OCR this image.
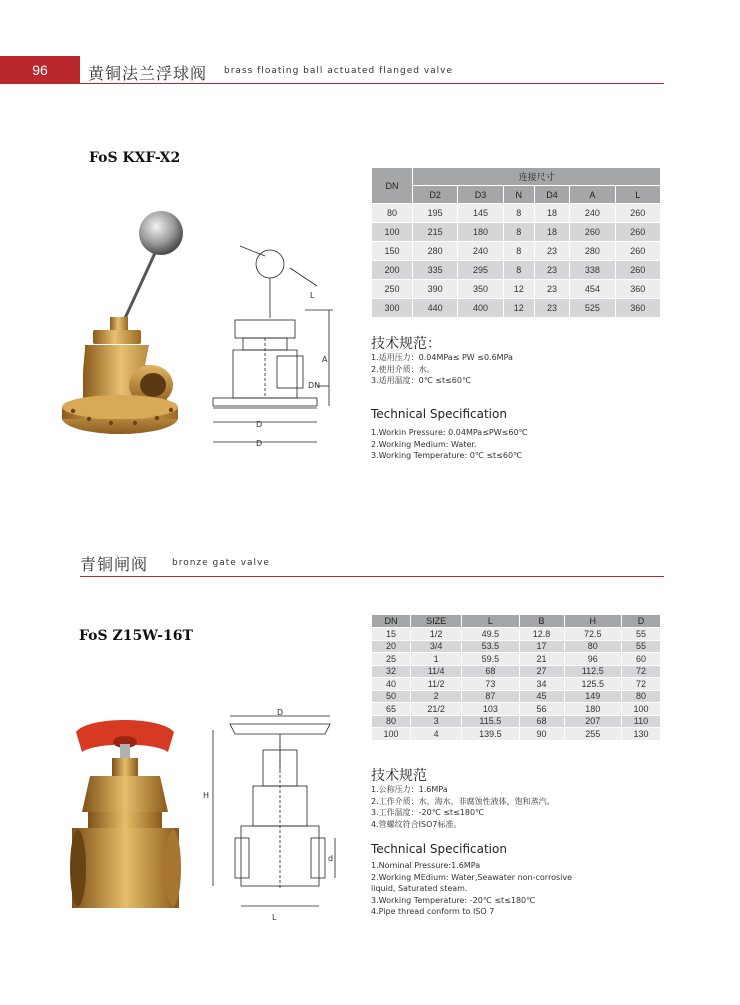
96	黄铜法兰浮球阀 brass floating ball actuated flanged valve
FoS KXF-X2
DN	连接尺寸					
	D2	D3	N	D4	A	L
80	195	145	8	18	240	260
100	215	180	8	18	260	260
150	280	240	8	23	280	260
200	335	295	8	23	338	260
250	390	350	12	23	454	360
300	440	400	12	23	525	360
技术规范：
1.适用压力：0.04MPa≤ PW ≤0.6MPa
2.使用介质：水。
3.适用温度：0℃ ≤t≤60℃
Technical Specification
1.Workin Pressure: 0.04MPa≤PW≤60℃
2.Working Medium: Water.
3.Working Temperature: 0℃ ≤t≤60℃
L
A
DN
D
D
青铜闸阀	bronze gate valve
FoS Z15W-16T
DN	SIZE	L	B	H	D
15	1/2	49.5	12.8	72.5	55
20	3/4	53.5	17	80	55
25	1	59.5	21	96	60
32	11/4	68	27	112.5	72
40	11/2	73	34	125.5	72
50	2	87	45	149	80
65	21/2	103	56	180	100
80	3	115.5	68	207	110
100	4	139.5	90	255	130
技术规范
1.公称压力：1.6MPa
2.工作介质：水，海水，非腐蚀性液体，饱和蒸汽。
3.工作温度：-20℃ ≤t≤180℃
4.管螺纹符合ISO7标准。
Technical Specification
1.Nominal Pressure:1.6MPa
2.Working MEdium: Water,Seawater non-corrosive
liquid, Saturated steam.
3.Working Temperature: -20℃ ≤t≤180℃
4.Pipe thread conform to ISO 7
D
H
L
d
